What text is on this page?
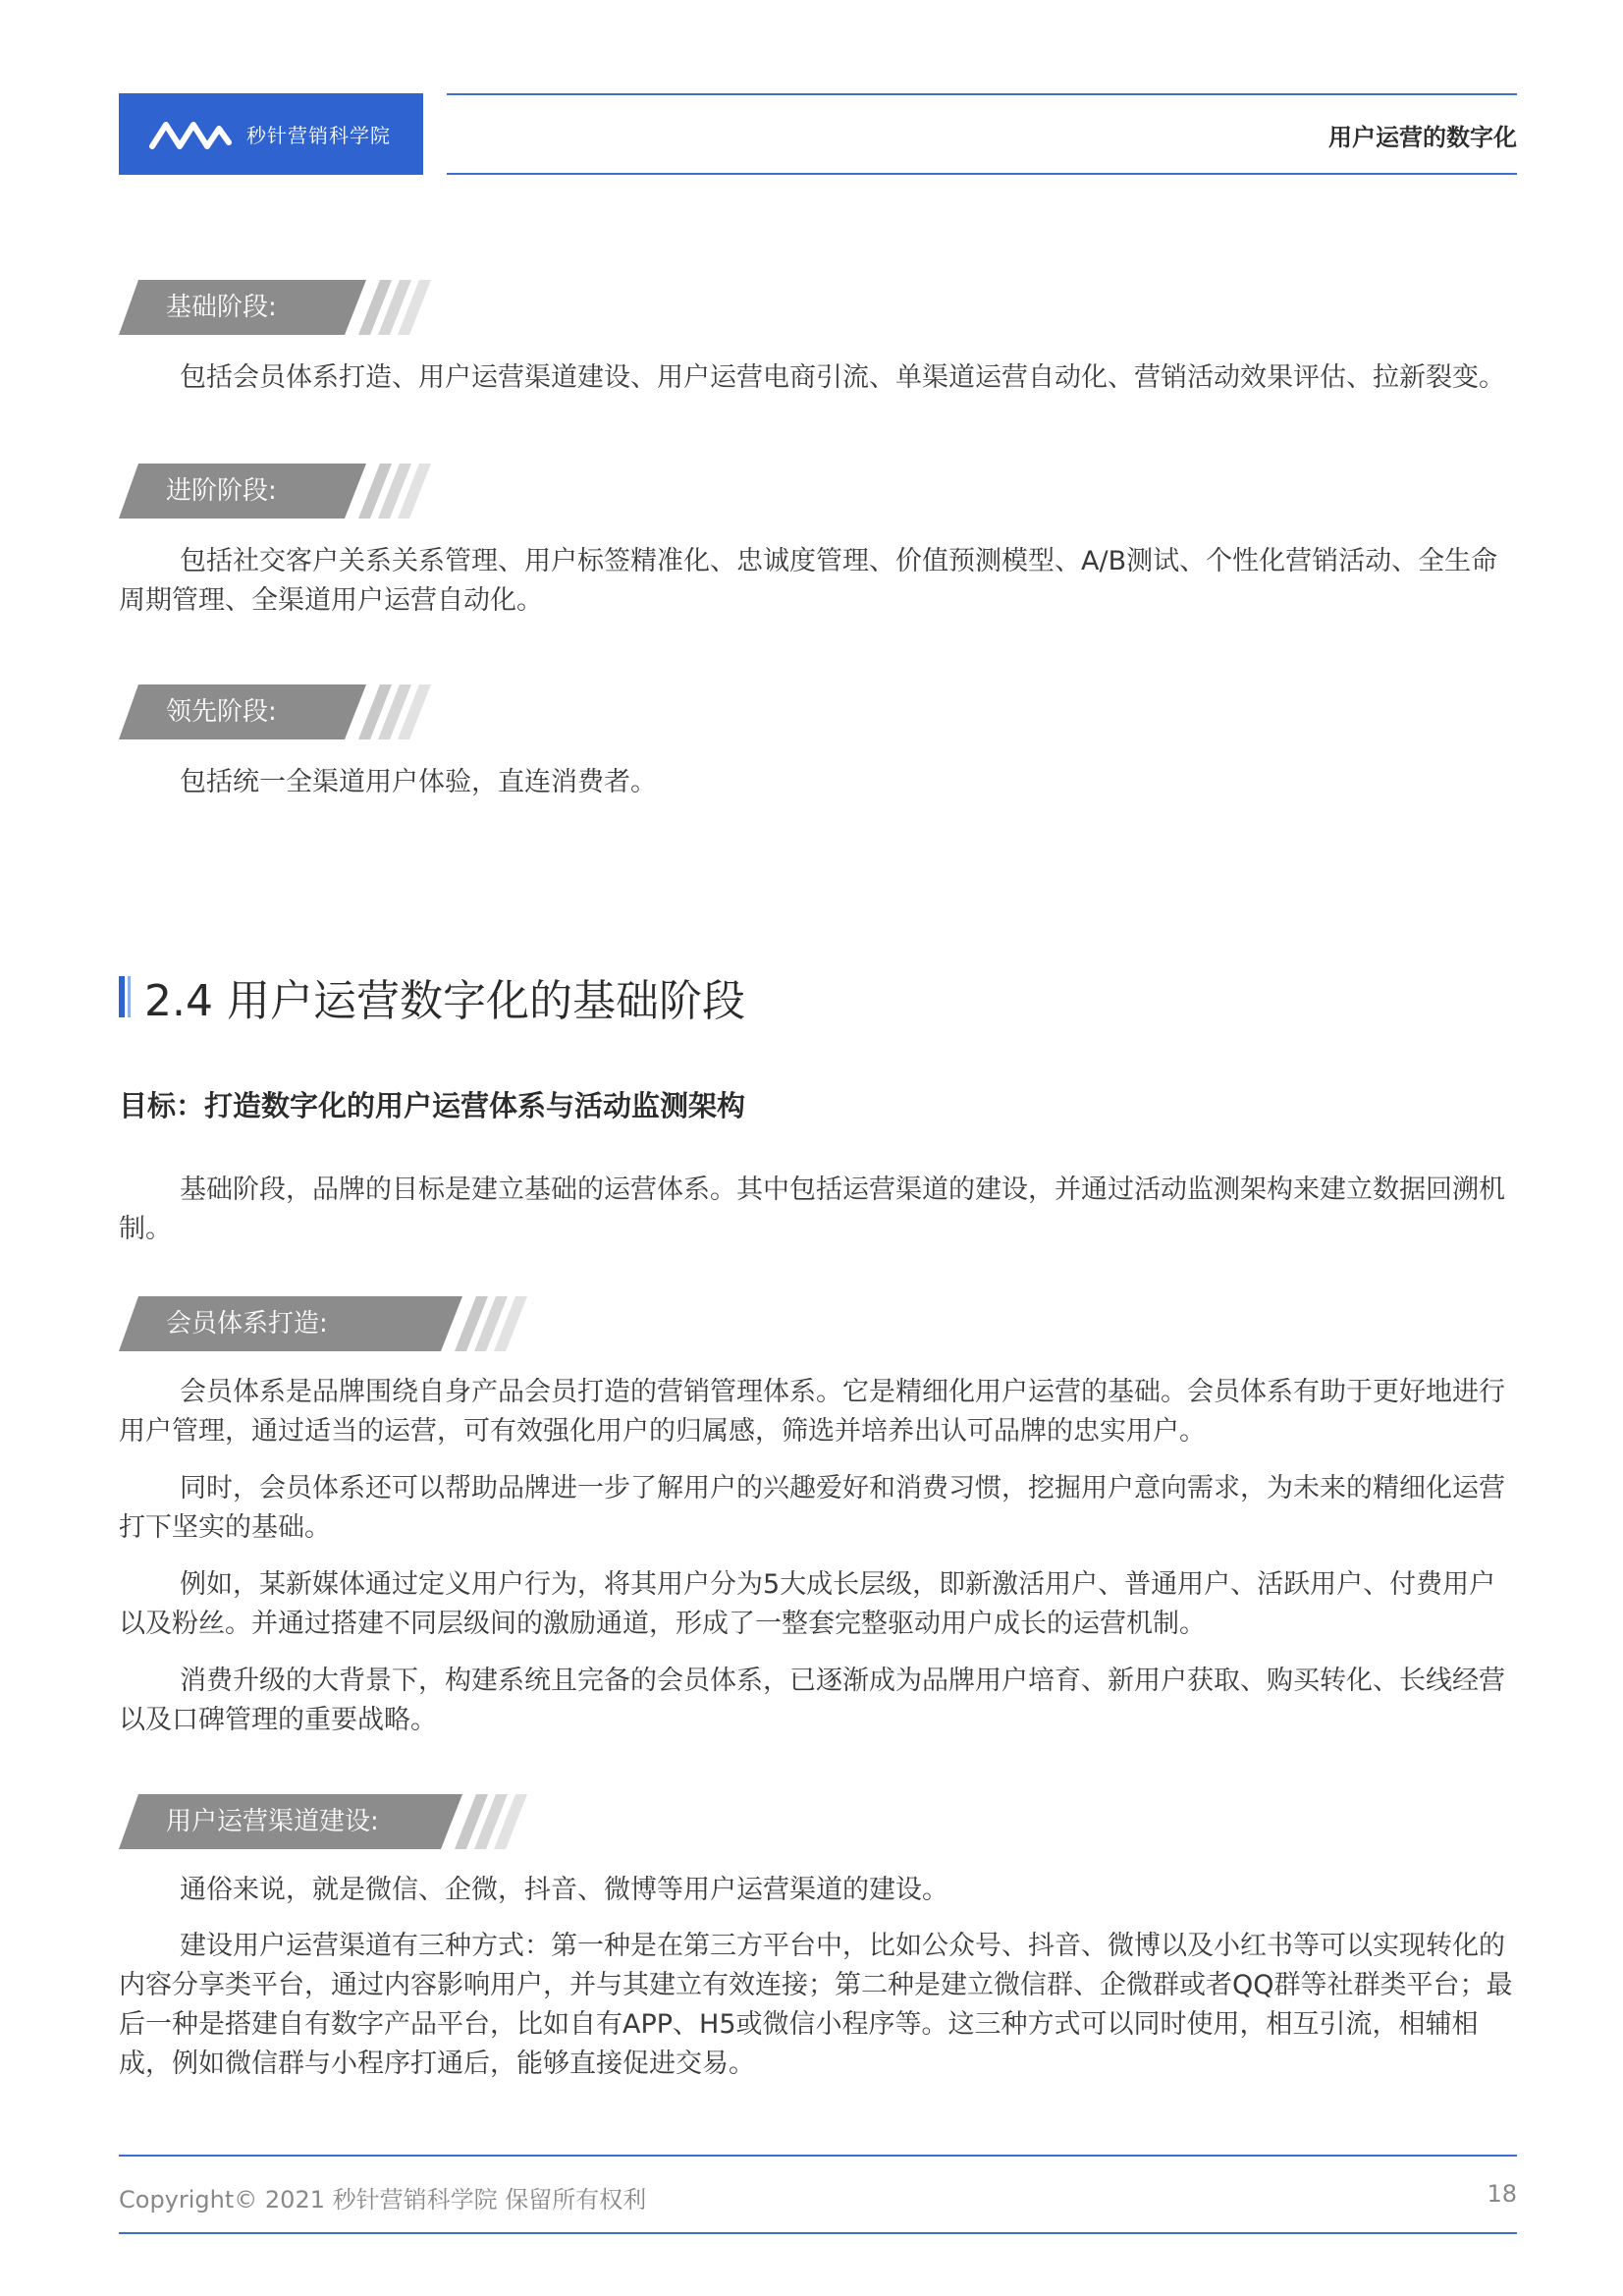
秒针营销科学院	用户运营的数字化
基础阶段:

包括会员体系打造、用户运营渠道建设、用户运营电商引流、单渠道运营自动化、营销活动效果评估、拉新裂变。

进阶阶段:

包括社交客户关系关系管理、用户标签精准化、忠诚度管理、价值预测模型、A/B测试、个性化营销活动、全生命周期管理、全渠道用户运营自动化。

领先阶段:

包括统一全渠道用户体验，直连消费者。

2.4 用户运营数字化的基础阶段
目标：打造数字化的用户运营体系与活动监测架构

基础阶段，品牌的目标是建立基础的运营体系。其中包括运营渠道的建设，并通过活动监测架构来建立数据回溯机制。

会员体系打造:

会员体系是品牌围绕自身产品会员打造的营销管理体系。它是精细化用户运营的基础。会员体系有助于更好地进行用户管理，通过适当的运营，可有效强化用户的归属感，筛选并培养出认可品牌的忠实用户。

同时，会员体系还可以帮助品牌进一步了解用户的兴趣爱好和消费习惯，挖掘用户意向需求，为未来的精细化运营打下坚实的基础。

例如，某新媒体通过定义用户行为，将其用户分为5大成长层级，即新激活用户、普通用户、活跃用户、付费用户以及粉丝。并通过搭建不同层级间的激励通道，形成了一整套完整驱动用户成长的运营机制。

消费升级的大背景下，构建系统且完备的会员体系，已逐渐成为品牌用户培育、新用户获取、购买转化、长线经营以及口碑管理的重要战略。

用户运营渠道建设:

通俗来说，就是微信、企微，抖音、微博等用户运营渠道的建设。

建设用户运营渠道有三种方式：第一种是在第三方平台中，比如公众号、抖音、微博以及小红书等可以实现转化的内容分享类平台，通过内容影响用户，并与其建立有效连接；第二种是建立微信群、企微群或者QQ群等社群类平台；最后一种是搭建自有数字产品平台，比如自有APP、H5或微信小程序等。这三种方式可以同时使用，相互引流，相辅相成，例如微信群与小程序打通后，能够直接促进交易。

Copyright© 2021 秒针营销科学院 保留所有权利	18
